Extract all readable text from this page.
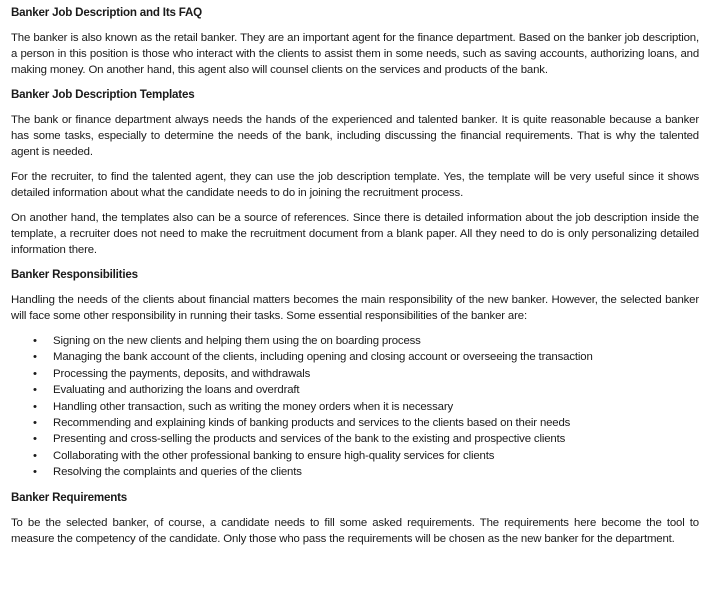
Banker Job Description and Its FAQ

The banker is also known as the retail banker. They are an important agent for the finance department. Based on the banker job description, a person in this position is those who interact with the clients to assist them in some needs, such as saving accounts, authorizing loans, and making money. On another hand, this agent also will counsel clients on the services and products of the bank.

Banker Job Description Templates

The bank or finance department always needs the hands of the experienced and talented banker. It is quite reasonable because a banker has some tasks, especially to determine the needs of the bank, including discussing the financial requirements. That is why the talented agent is needed.

For the recruiter, to find the talented agent, they can use the job description template. Yes, the template will be very useful since it shows detailed information about what the candidate needs to do in joining the recruitment process.

On another hand, the templates also can be a source of references. Since there is detailed information about the job description inside the template, a recruiter does not need to make the recruitment document from a blank paper. All they need to do is only personalizing detailed information there.

Banker Responsibilities

Handling the needs of the clients about financial matters becomes the main responsibility of the new banker. However, the selected banker will face some other responsibility in running their tasks. Some essential responsibilities of the banker are:

• Signing on the new clients and helping them using the on boarding process
• Managing the bank account of the clients, including opening and closing account or overseeing the transaction
• Processing the payments, deposits, and withdrawals
• Evaluating and authorizing the loans and overdraft
• Handling other transaction, such as writing the money orders when it is necessary
• Recommending and explaining kinds of banking products and services to the clients based on their needs
• Presenting and cross-selling the products and services of the bank to the existing and prospective clients
• Collaborating with the other professional banking to ensure high-quality services for clients
• Resolving the complaints and queries of the clients
Banker Requirements

To be the selected banker, of course, a candidate needs to fill some asked requirements. The requirements here become the tool to measure the competency of the candidate. Only those who pass the requirements will be chosen as the new banker for the department.
